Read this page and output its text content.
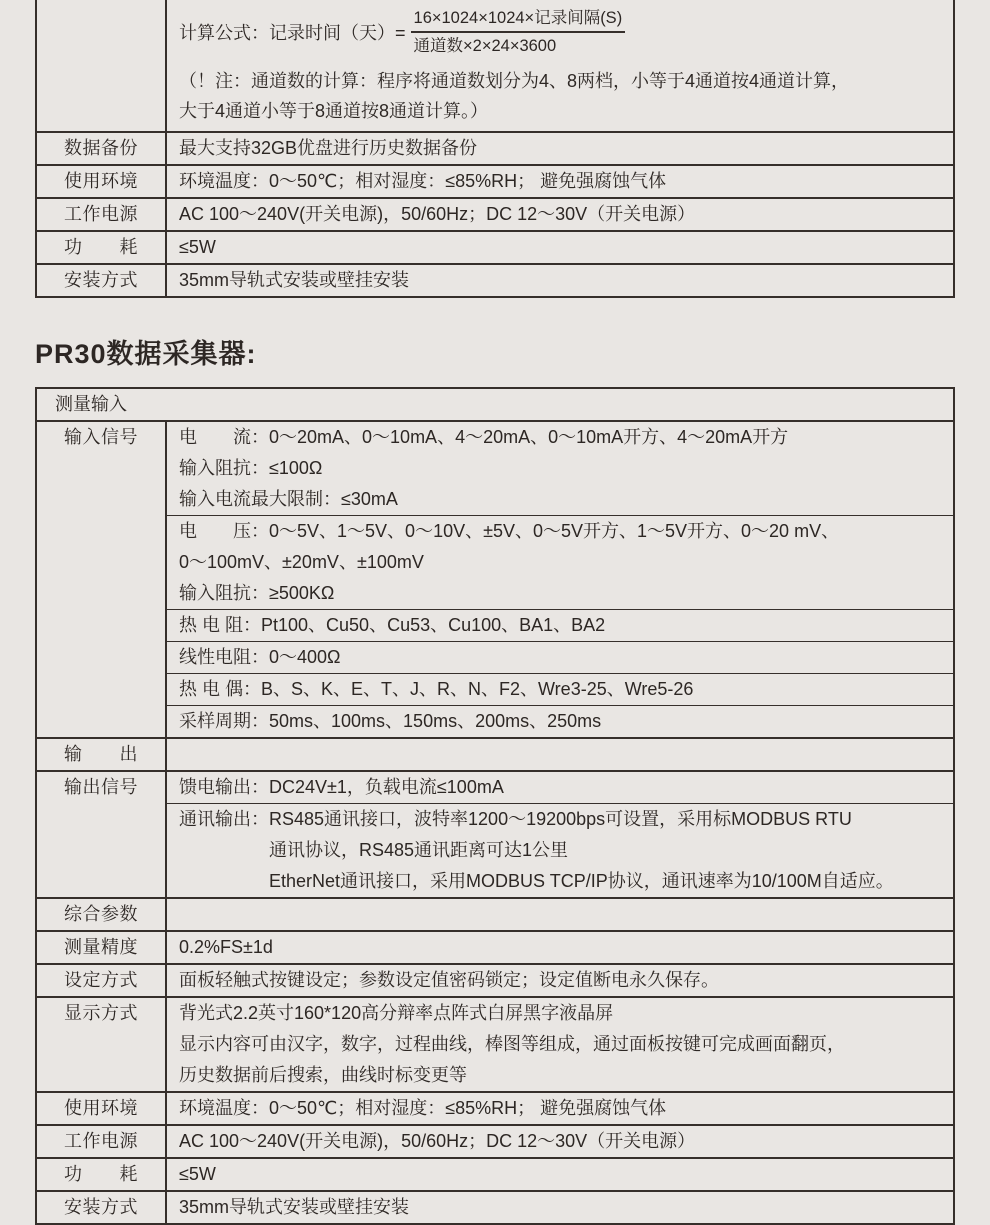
计算公式：记录时间（天）= $\frac{\text{16×1024×1024×记录间隔(S)}}{\text{通道数×2×24×3600}}$
（！注：通道数的计算：程序将通道数划分为4、8两档，小等于4通道按4通道计算，
大于4通道小等于8通道按8通道计算。）
数据备份	最大支持32GB优盘进行历史数据备份
使用环境	环境温度：0～50℃；相对湿度：≤85%RH； 避免强腐蚀气体
工作电源	AC 100～240V(开关电源)，50/60Hz；DC 12～30V（开关电源）
功　　耗	≤5W
安装方式	35mm导轨式安装或壁挂安装
PR30数据采集器:
测量输入
输入信号	电　　流：0～20mA、0～10mA、4～20mA、0～10mA开方、4～20mA开方
输入阻抗：≤100Ω
输入电流最大限制：≤30mA
电　　压：0～5V、1～5V、0～10V、±5V、0～5V开方、1～5V开方、0～20 mV、
0～100mV、±20mV、±100mV
输入阻抗：≥500KΩ
热 电 阻：Pt100、Cu50、Cu53、Cu100、BA1、BA2
线性电阻：0～400Ω
热 电 偶：B、S、K、E、T、J、R、N、F2、Wre3-25、Wre5-26
采样周期：50ms、100ms、150ms、200ms、250ms
输　　出
输出信号	馈电输出：DC24V±1，负载电流≤100mA
通讯输出：RS485通讯接口，波特率1200～19200bps可设置，采用标MODBUS RTU
　　　　　通讯协议，RS485通讯距离可达1公里
　　　　　EtherNet通讯接口，采用MODBUS TCP/IP协议，通讯速率为10/100M自适应。
综合参数
测量精度	0.2%FS±1d
设定方式	面板轻触式按键设定；参数设定值密码锁定；设定值断电永久保存。
显示方式	背光式2.2英寸160*120高分辩率点阵式白屏黑字液晶屏
显示内容可由汉字，数字，过程曲线，棒图等组成，通过面板按键可完成画面翻页，
历史数据前后搜索，曲线时标变更等
使用环境	环境温度：0～50℃；相对湿度：≤85%RH； 避免强腐蚀气体
工作电源	AC 100～240V(开关电源)，50/60Hz；DC 12～30V（开关电源）
功　　耗	≤5W
安装方式	35mm导轨式安装或壁挂安装
